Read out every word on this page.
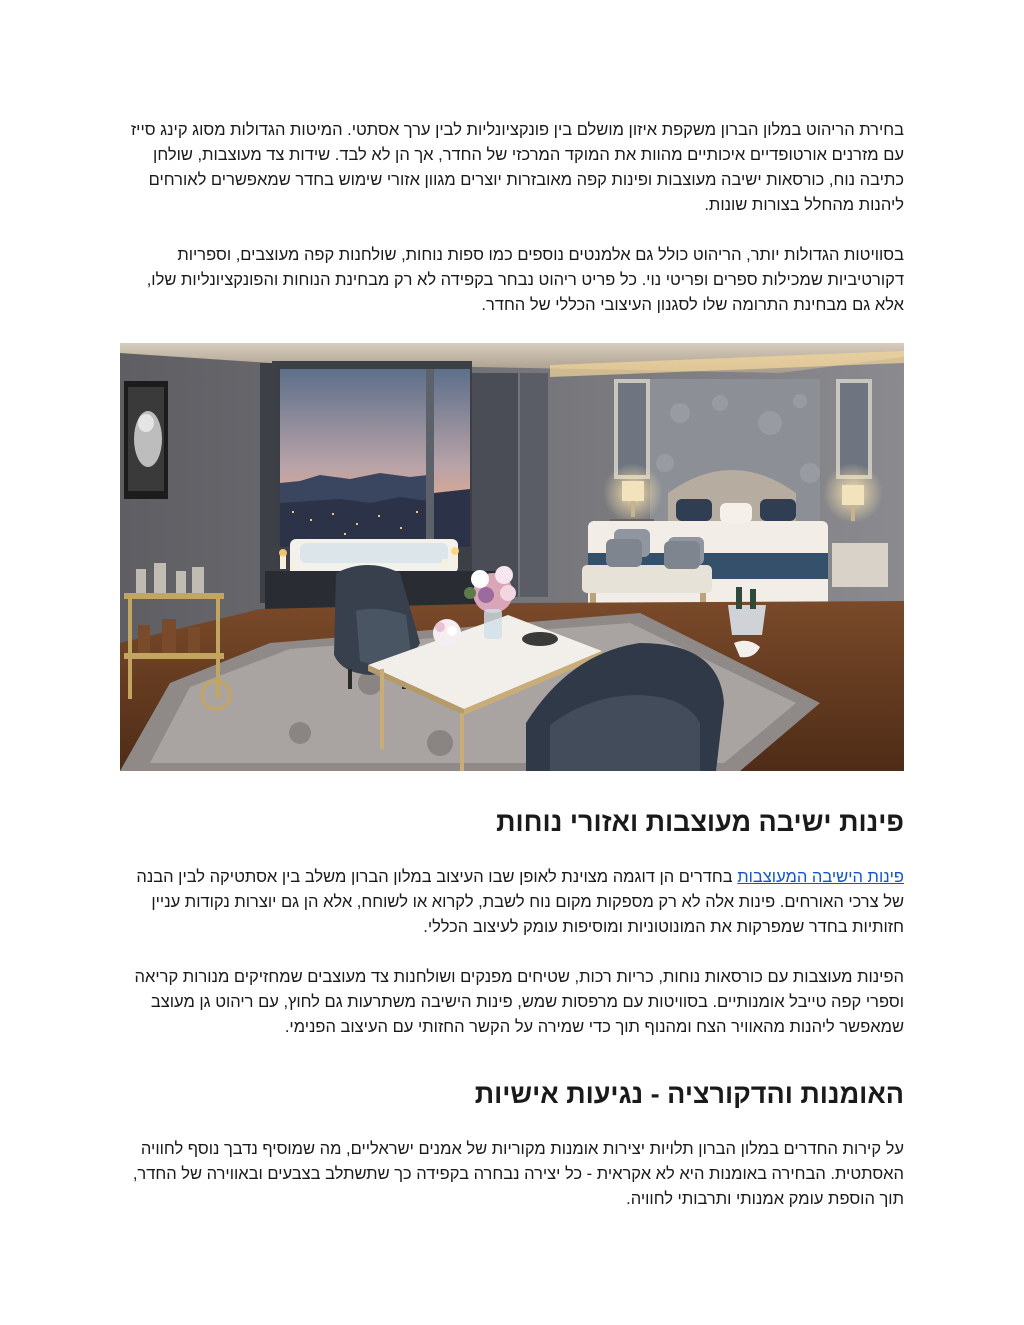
בחירת הריהוט במלון הברון משקפת איזון מושלם בין פונקציונליות לבין ערך אסתטי. המיטות הגדולות מסוג קינג סייז עם מזרנים אורטופדיים איכותיים מהוות את המוקד המרכזי של החדר, אך הן לא לבד. שידות צד מעוצבות, שולחן כתיבה נוח, כורסאות ישיבה מעוצבות ופינות קפה מאובזרות יוצרים מגוון אזורי שימוש בחדר שמאפשרים לאורחים ליהנות מהחלל בצורות שונות.

בסוויטות הגדולות יותר, הריהוט כולל גם אלמנטים נוספים כמו ספות נוחות, שולחנות קפה מעוצבים, וספריות דקורטיביות שמכילות ספרים ופריטי נוי. כל פריט ריהוט נבחר בקפידה לא רק מבחינת הנוחות והפונקציונליות שלו, אלא גם מבחינת התרומה שלו לסגנון העיצובי הכללי של החדר.

פינות ישיבה מעוצבות ואזורי נוחות

פינות הישיבה המעוצבות בחדרים הן דוגמה מצוינת לאופן שבו העיצוב במלון הברון משלב בין אסתטיקה לבין הבנה של צרכי האורחים. פינות אלה לא רק מספקות מקום נוח לשבת, לקרוא או לשוחח, אלא הן גם יוצרות נקודות עניין חזותיות בחדר שמפרקות את המונוטוניות ומוסיפות עומק לעיצוב הכללי.

הפינות מעוצבות עם כורסאות נוחות, כריות רכות, שטיחים מפנקים ושולחנות צד מעוצבים שמחזיקים מנורות קריאה וספרי קפה טייבל אומנותיים. בסוויטות עם מרפסות שמש, פינות הישיבה משתרעות גם לחוץ, עם ריהוט גן מעוצב שמאפשר ליהנות מהאוויר הצח ומהנוף תוך כדי שמירה על הקשר החזותי עם העיצוב הפנימי.

האומנות והדקורציה - נגיעות אישיות

על קירות החדרים במלון הברון תלויות יצירות אומנות מקוריות של אמנים ישראליים, מה שמוסיף נדבך נוסף לחוויה האסתטית. הבחירה באומנות היא לא אקראית - כל יצירה נבחרה בקפידה כך שתשתלב בצבעים ובאווירה של החדר, תוך הוספת עומק אמנותי ותרבותי לחוויה.
